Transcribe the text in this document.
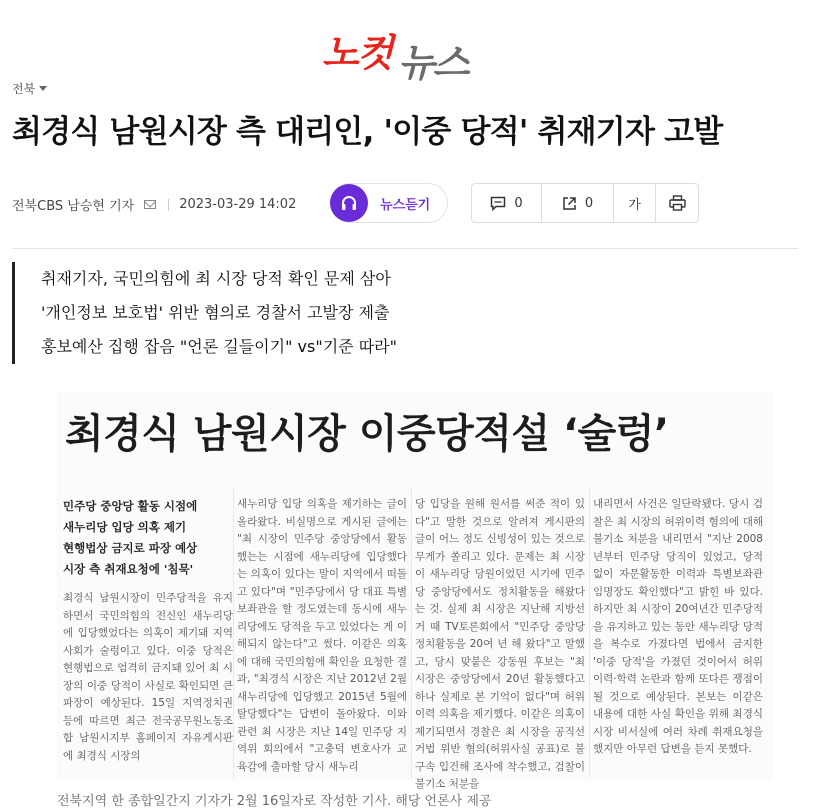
노컷 뉴스
전북
최경식 남원시장 측 대리인, '이중 당적' 취재기자 고발
전북CBS 남승현 기자	2023-03-29 14:02	뉴스듣기	0	0	가
취재기자, 국민의힘에 최 시장 당적 확인 문제 삼아
'개인정보 보호법' 위반 혐의로 경찰서 고발장 제출
홍보예산 집행 잡음 "언론 길들이기" vs"기준 따라"
최경식 남원시장 이중당적설 ‘술렁’
민주당 중앙당 활동 시점에
새누리당 입당 의혹 제기
현행법상 금지로 파장 예상
시장 측 취재요청에 '침묵'

최경식 남원시장이 민주당적을 유지하면서 국민의힘의 전신인 새누리당에 입당했었다는 의혹이 제기돼 지역사회가 술렁이고 있다. 이중 당적은 현행법으로 엄격히 금지돼 있어 최 시장의 이중 당적이 사실로 확인되면 큰 파장이 예상된다. 15일 지역정치권 등에 따르면 최근 전국공무원노동조합 남원시지부 홈페이지 자유게시판에 최경식 시장의

새누리당 입당 의혹을 제기하는 글이 올라왔다. 비실명으로 게시된 글에는 "최 시장이 민주당 중앙당에서 활동했는는 시점에 새누리당에 입당했다는 의혹이 있다는 말이 지역에서 떠돌고 있다"며 "민주당에서 당 대표 특별보좌관을 할 정도였는데 동시에 새누리당에도 당적을 두고 있었다는 게 이해되지 않는다"고 썼다. 이같은 의혹에 대해 국민의힘에 확인을 요청한 결과, "최경식 시장은 지난 2012년 2월 새누리당에 입당했고 2015년 5월에 탈당했다"는 답변이 돌아왔다. 이와 관련 최 시장은 지난 14일 민주당 지역위 회의에서 "고충덕 변호사가 교육감에 출마할 당시 새누리

당 입당을 원해 원서를 써준 적이 있다"고 말한 것으로 알려져 게시판의 글이 어느 정도 신빙성이 있는 것으로 무게가 쏠리고 있다. 문제는 최 시장이 새누리당 당원이었던 시기에 민주당 중앙당에서도 정치활동을 해왔다는 것. 실제 최 시장은 지난해 지방선거 때 TV토론회에서 "민주당 중앙당 정치활동을 20여 년 해 왔다"고 말했고, 당시 맞붙은 강동원 후보는 "최 시장은 중앙당에서 20년 활동했다고 하나 실제로 본 기억이 없다"며 허위 이력 의혹을 제기했다. 이같은 의혹이 제기되면서 경찰은 최 시장을 공직선거법 위반 혐의(허위사실 공표)로 불구속 입건해 조사에 착수했고, 검찰이 불기소 처분을

내리면서 사건은 일단락됐다. 당시 검찰은 최 시장의 허위이력 혐의에 대해 불기소 처분을 내리면서 "지난 2008년부터 민주당 당직이 있었고, 당적 없이 자문활동한 이력과 특별보좌관 임명장도 확인했다"고 밝힌 바 있다. 하지만 최 시장이 20여년간 민주당적을 유지하고 있는 동안 새누리당 당적을 복수로 가졌다면 법에서 금지한 '이중 당적'을 가졌던 것이어서 허위 이력·학력 논란과 함께 또다른 쟁점이 될 것으로 예상된다. 본보는 이같은 내용에 대한 사실 확인을 위해 최경식 시장 비서실에 여러 차례 취재요청을 했지만 아무런 답변을 듣지 못했다.

전북지역 한 종합일간지 기자가 2월 16일자로 작성한 기사. 해당 언론사 제공
